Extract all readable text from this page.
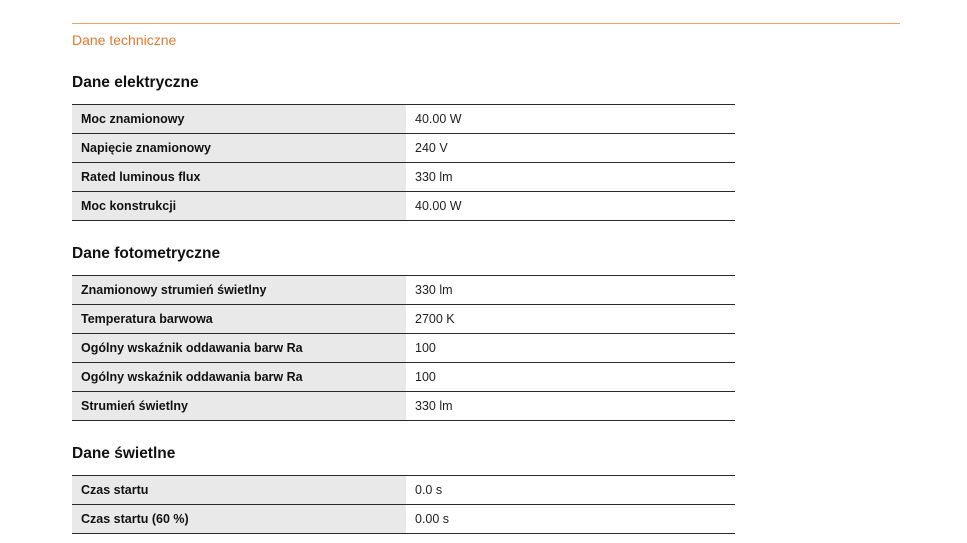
Dane techniczne
Dane elektryczne
Moc znamionowy	40.00 W
Napięcie znamionowy	240 V
Rated luminous flux	330 lm
Moc konstrukcji	40.00 W
Dane fotometryczne
Znamionowy strumień świetlny	330 lm
Temperatura barwowa	2700 K
Ogólny wskaźnik oddawania barw Ra	100
Ogólny wskaźnik oddawania barw Ra	100
Strumień świetlny	330 lm
Dane świetlne
Czas startu	0.0 s
Czas startu (60 %)	0.00 s
